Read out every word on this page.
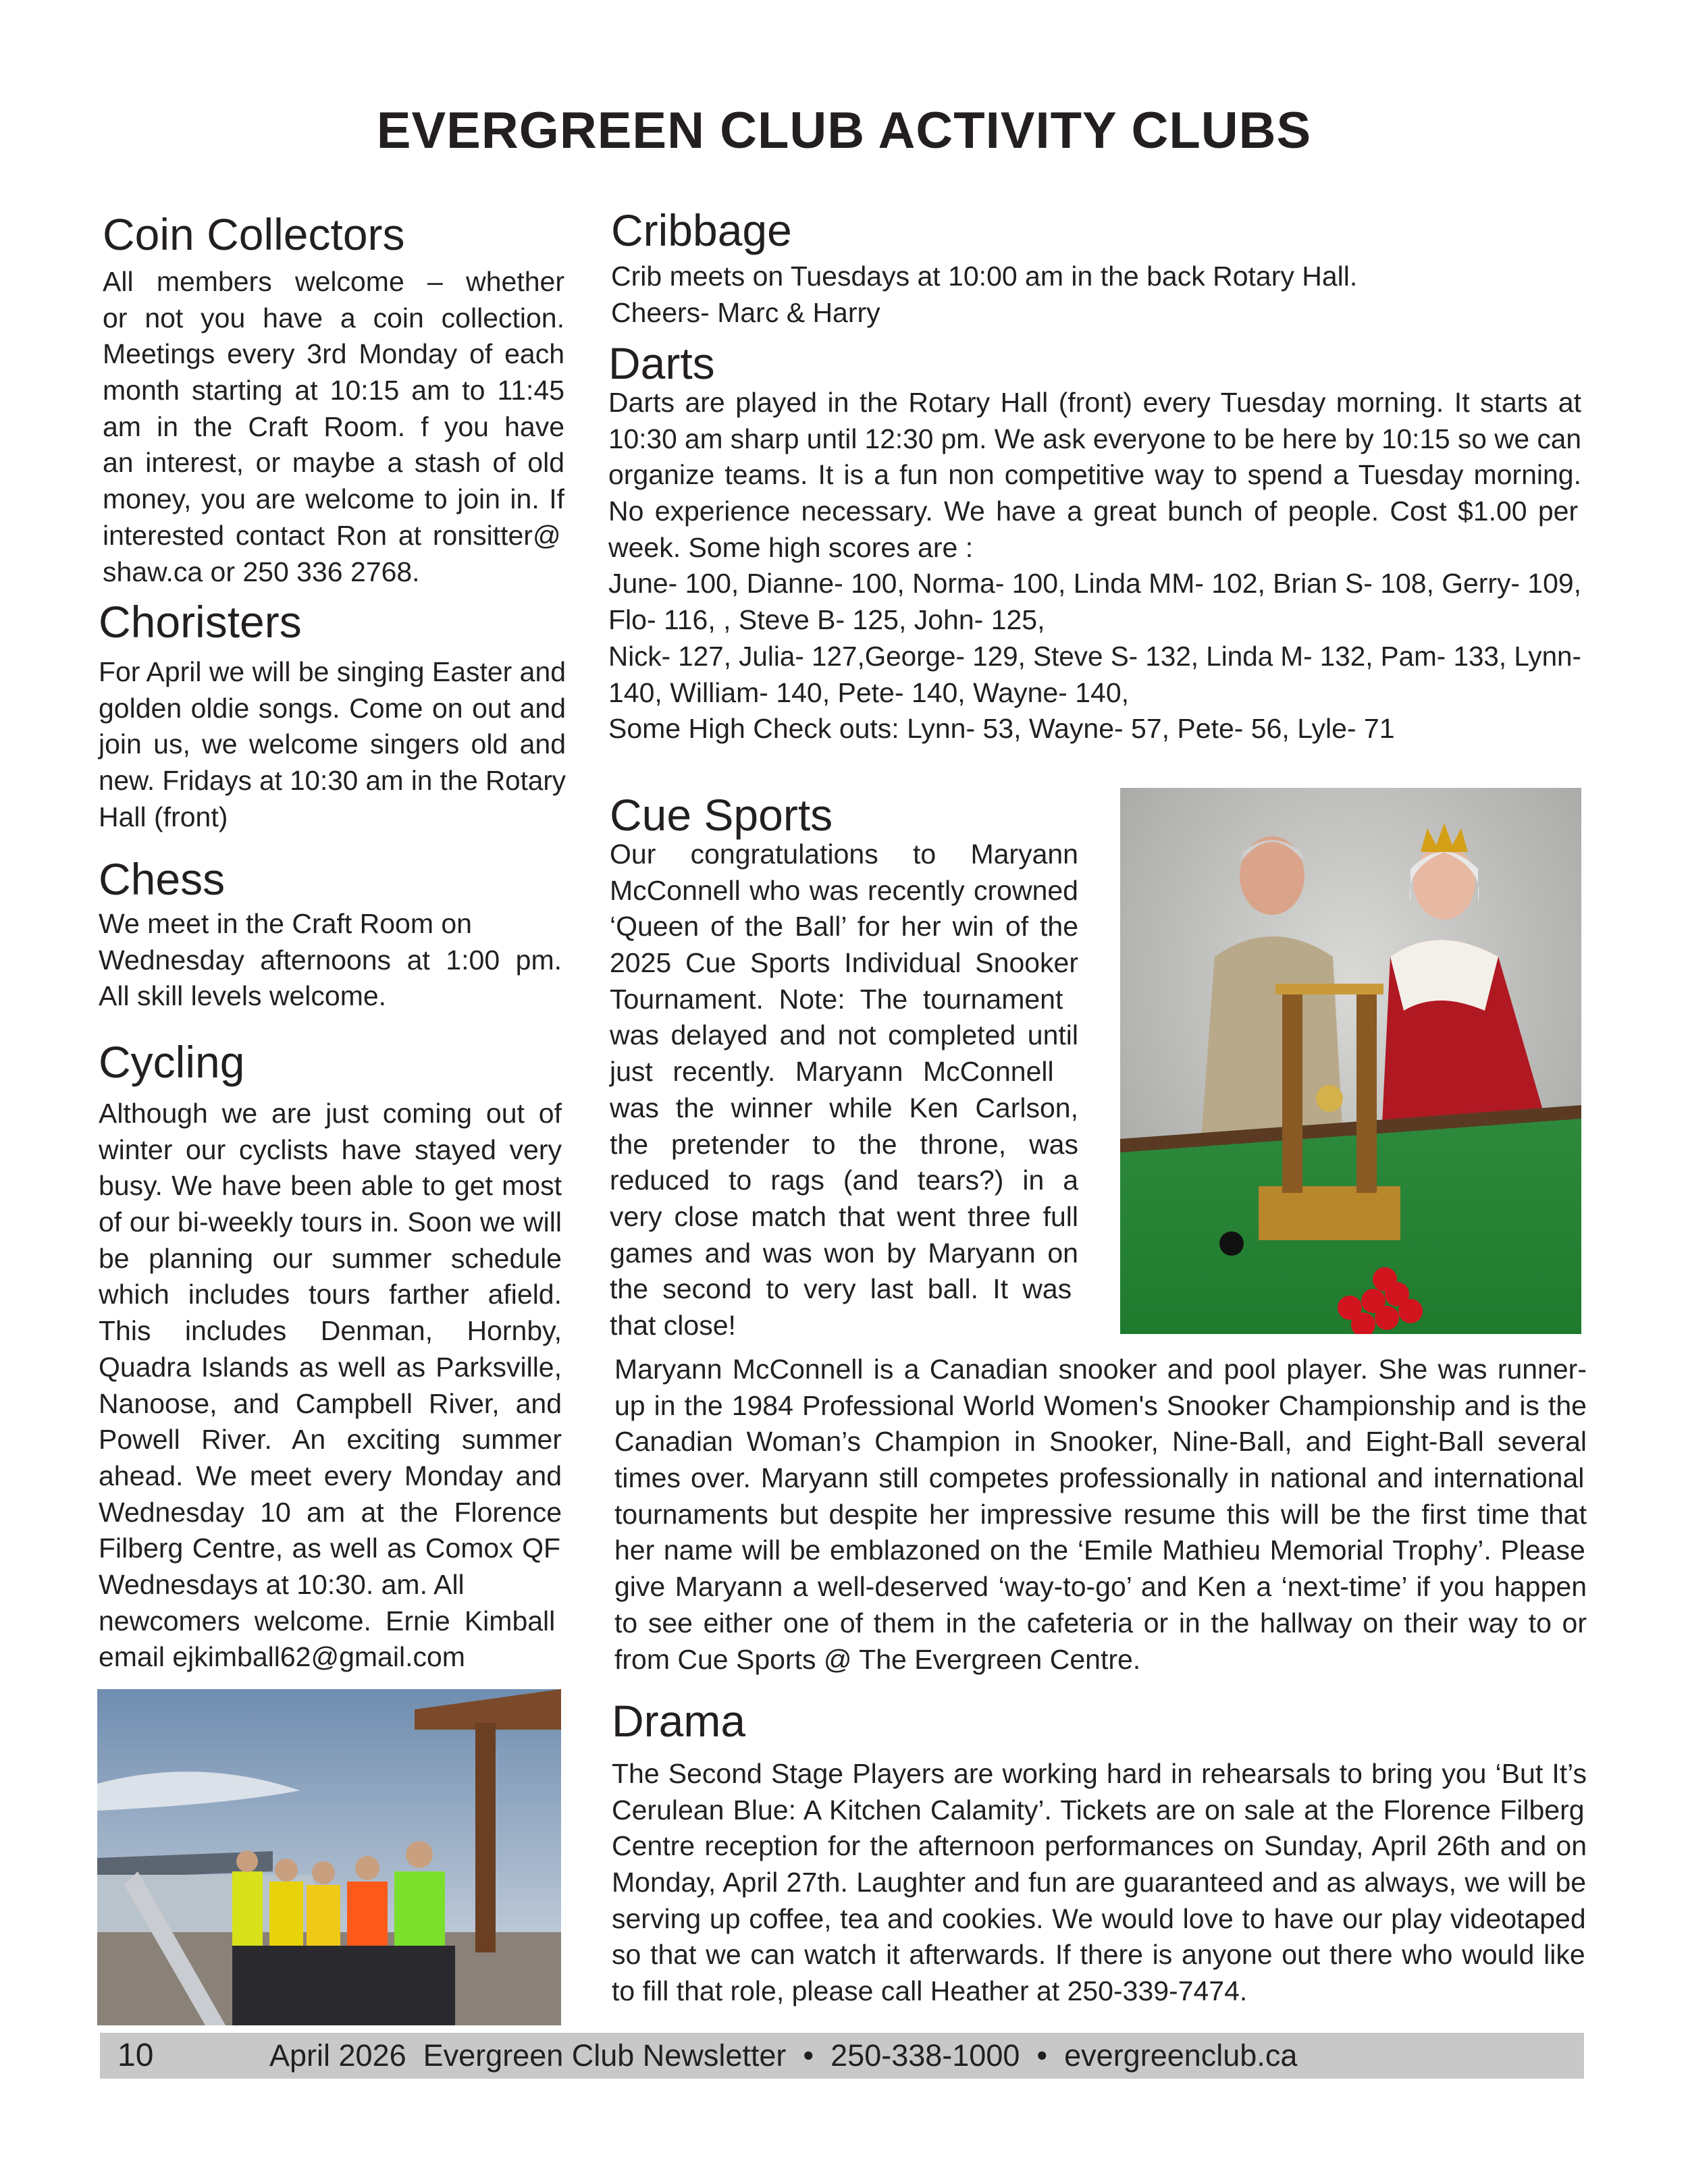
EVERGREEN CLUB ACTIVITY CLUBS
Coin Collectors
All members welcome – whether
or not you have a coin collection.
Meetings every 3rd Monday of each
month starting at 10:15 am to 11:45
am in the Craft Room. f you have
an interest, or maybe a stash of old
money, you are welcome to join in. If
interested contact Ron at ronsitter@
shaw.ca or 250 336 2768.
Choristers
For April we will be singing Easter and
golden oldie songs. Come on out and
join us, we welcome singers old and
new. Fridays at 10:30 am in the Rotary
Hall (front)
Chess
We meet in the Craft Room on
Wednesday afternoons at 1:00 pm.
All skill levels welcome.
Cycling
Although we are just coming out of
winter our cyclists have stayed very
busy. We have been able to get most
of our bi-weekly tours in. Soon we will
be planning our summer schedule
which includes tours farther afield.
This includes Denman, Hornby,
Quadra Islands as well as Parksville,
Nanoose, and Campbell River, and
Powell River. An exciting summer
ahead. We meet every Monday and
Wednesday 10 am at the Florence
Filberg Centre, as well as Comox QF
Wednesdays at 10:30. am. All
newcomers welcome. Ernie Kimball
email ejkimball62@gmail.com
Cribbage
Crib meets on Tuesdays at 10:00 am in the back Rotary Hall.
Cheers- Marc & Harry
Darts
Darts are played in the Rotary Hall (front) every Tuesday morning. It starts at
10:30 am sharp until 12:30 pm. We ask everyone to be here by 10:15 so we can
organize teams. It is a fun non competitive way to spend a Tuesday morning.
No experience necessary. We have a great bunch of people. Cost $1.00 per
week. Some high scores are :
June- 100, Dianne- 100, Norma- 100, Linda MM- 102, Brian S- 108, Gerry- 109,
Flo- 116, , Steve B- 125, John- 125,
Nick- 127, Julia- 127,George- 129, Steve S- 132, Linda M- 132, Pam- 133, Lynn-
140, William- 140, Pete- 140, Wayne- 140,
Some High Check outs: Lynn- 53, Wayne- 57, Pete- 56, Lyle- 71
Cue Sports
Our congratulations to Maryann
McConnell who was recently crowned
‘Queen of the Ball’ for her win of the
2025 Cue Sports Individual Snooker
Tournament. Note: The tournament
was delayed and not completed until
just recently. Maryann McConnell
was the winner while Ken Carlson,
the pretender to the throne, was
reduced to rags (and tears?) in a
very close match that went three full
games and was won by Maryann on
the second to very last ball. It was
that close!
Maryann McConnell is a Canadian snooker and pool player. She was runner-
up in the 1984 Professional World Women's Snooker Championship and is the
Canadian Woman’s Champion in Snooker, Nine-Ball, and Eight-Ball several
times over. Maryann still competes professionally in national and international
tournaments but despite her impressive resume this will be the first time that
her name will be emblazoned on the ‘Emile Mathieu Memorial Trophy’. Please
give Maryann a well-deserved ‘way-to-go’ and Ken a ‘next-time’ if you happen
to see either one of them in the cafeteria or in the hallway on their way to or
from Cue Sports @ The Evergreen Centre.
Drama
The Second Stage Players are working hard in rehearsals to bring you ‘But It’s
Cerulean Blue: A Kitchen Calamity’. Tickets are on sale at the Florence Filberg
Centre reception for the afternoon performances on Sunday, April 26th and on
Monday, April 27th. Laughter and fun are guaranteed and as always, we will be
serving up coffee, tea and cookies. We would love to have our play videotaped
so that we can watch it afterwards. If there is anyone out there who would like
to fill that role, please call Heather at 250-339-7474.
10	April 2026  Evergreen Club Newsletter  •  250-338-1000  •  evergreenclub.ca
